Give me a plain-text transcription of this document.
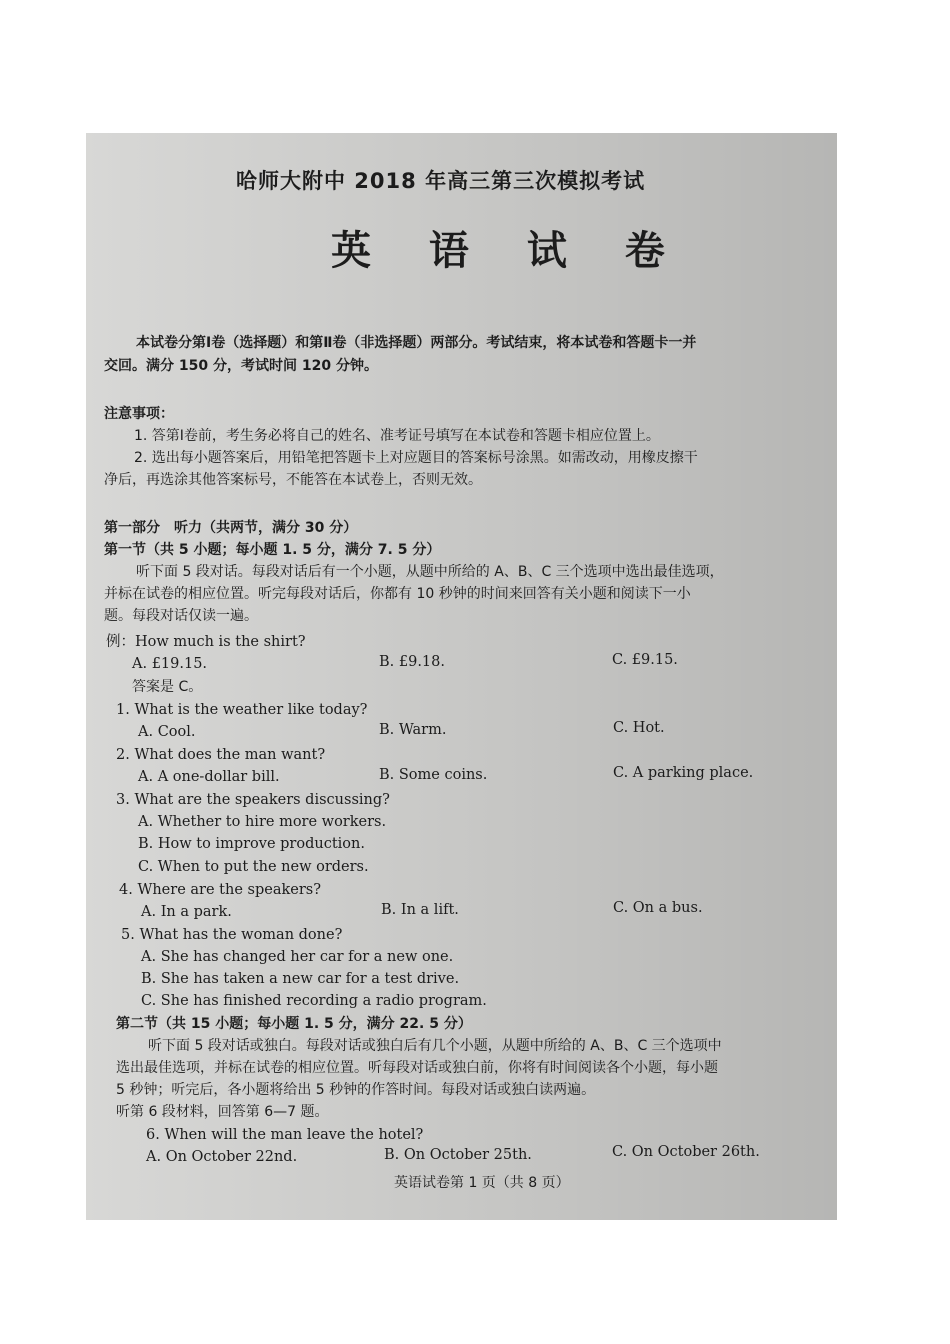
哈师大附中 2018 年高三第三次模拟考试
英 语 试 卷
本试卷分第Ⅰ卷（选择题）和第Ⅱ卷（非选择题）两部分。考试结束，将本试卷和答题卡一并
交回。满分 150 分，考试时间 120 分钟。
注意事项：
1. 答第Ⅰ卷前，考生务必将自己的姓名、准考证号填写在本试卷和答题卡相应位置上。
2. 选出每小题答案后，用铅笔把答题卡上对应题目的答案标号涂黑。如需改动，用橡皮擦干
净后，再选涂其他答案标号，不能答在本试卷上，否则无效。
第一部分　听力（共两节，满分 30 分）
第一节（共 5 小题；每小题 1. 5 分，满分 7. 5 分）
听下面 5 段对话。每段对话后有一个小题，从题中所给的 A、B、C 三个选项中选出最佳选项，
并标在试卷的相应位置。听完每段对话后，你都有 10 秒钟的时间来回答有关小题和阅读下一小
题。每段对话仅读一遍。
例：How much is the shirt?
A. £19.15.	B. £9.18.	C. £9.15.
答案是 C。
1. What is the weather like today?
A. Cool.	B. Warm.	C. Hot.
2. What does the man want?
A. A one-dollar bill.	B. Some coins.	C. A parking place.
3. What are the speakers discussing?
A. Whether to hire more workers.
B. How to improve production.
C. When to put the new orders.
4. Where are the speakers?
A. In a park.	B. In a lift.	C. On a bus.
5. What has the woman done?
A. She has changed her car for a new one.
B. She has taken a new car for a test drive.
C. She has finished recording a radio program.
第二节（共 15 小题；每小题 1. 5 分，满分 22. 5 分）
听下面 5 段对话或独白。每段对话或独白后有几个小题，从题中所给的 A、B、C 三个选项中
选出最佳选项，并标在试卷的相应位置。听每段对话或独白前，你将有时间阅读各个小题，每小题
5 秒钟；听完后，各小题将给出 5 秒钟的作答时间。每段对话或独白读两遍。
听第 6 段材料，回答第 6—7 题。
6. When will the man leave the hotel?
A. On October 22nd.	B. On October 25th.	C. On October 26th.
英语试卷第 1 页（共 8 页）
